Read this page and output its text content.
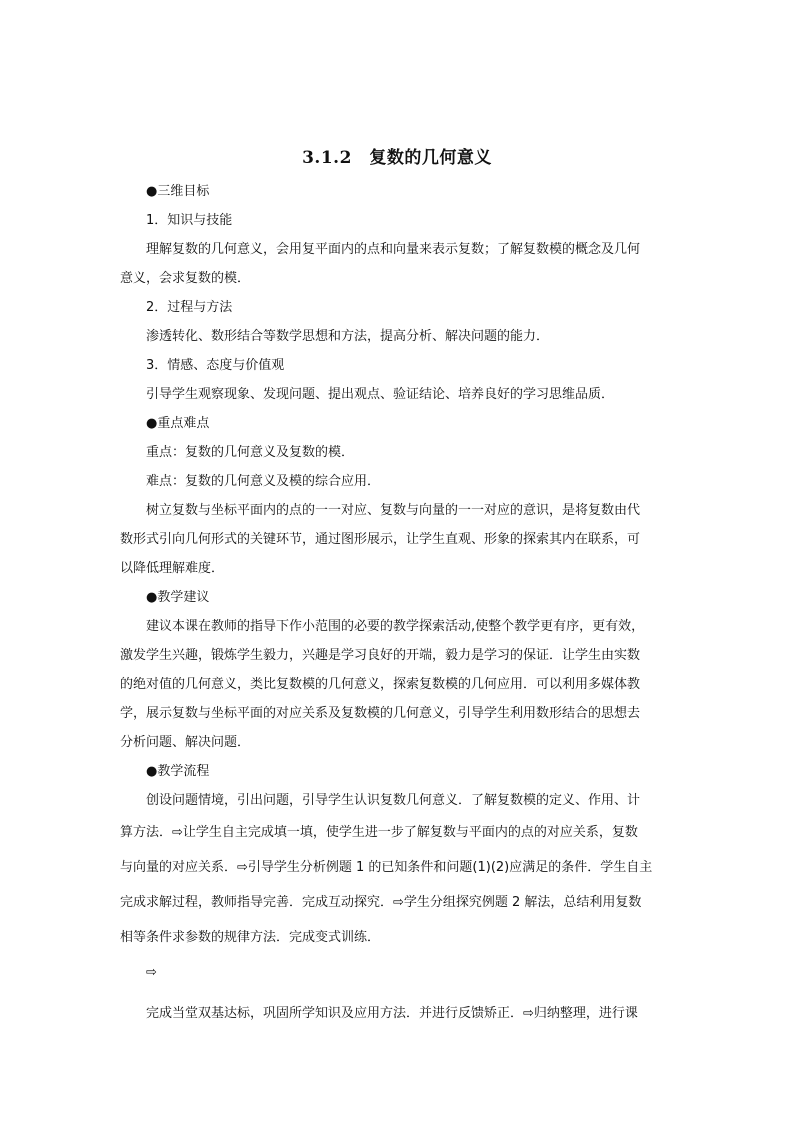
3.1.2　复数的几何意义
●三维目标
1．知识与技能
理解复数的几何意义，会用复平面内的点和向量来表示复数；了解复数模的概念及几何
意义，会求复数的模．
2．过程与方法
渗透转化、数形结合等数学思想和方法，提高分析、解决问题的能力．
3．情感、态度与价值观
引导学生观察现象、发现问题、提出观点、验证结论、培养良好的学习思维品质．
●重点难点
重点：复数的几何意义及复数的模．
难点：复数的几何意义及模的综合应用．
树立复数与坐标平面内的点的一一对应、复数与向量的一一对应的意识，是将复数由代
数形式引向几何形式的关键环节，通过图形展示，让学生直观、形象的探索其内在联系，可
以降低理解难度．
●教学建议
建议本课在教师的指导下作小范围的必要的教学探索活动,使整个教学更有序，更有效，
激发学生兴趣，锻炼学生毅力，兴趣是学习良好的开端，毅力是学习的保证．让学生由实数
的绝对值的几何意义，类比复数模的几何意义，探索复数模的几何应用．可以利用多媒体教
学，展示复数与坐标平面的对应关系及复数模的几何意义，引导学生利用数形结合的思想去
分析问题、解决问题．
●教学流程
创设问题情境，引出问题，引导学生认识复数几何意义．了解复数模的定义、作用、计
算方法．⇨让学生自主完成填一填，使学生进一步了解复数与平面内的点的对应关系，复数
与向量的对应关系．⇨引导学生分析例题 1 的已知条件和问题(1)(2)应满足的条件．学生自主
完成求解过程，教师指导完善．完成互动探究．⇨学生分组探究例题 2 解法，总结利用复数
相等条件求参数的规律方法．完成变式训练．
⇨
完成当堂双基达标，巩固所学知识及应用方法．并进行反馈矫正．⇨归纳整理，进行课
